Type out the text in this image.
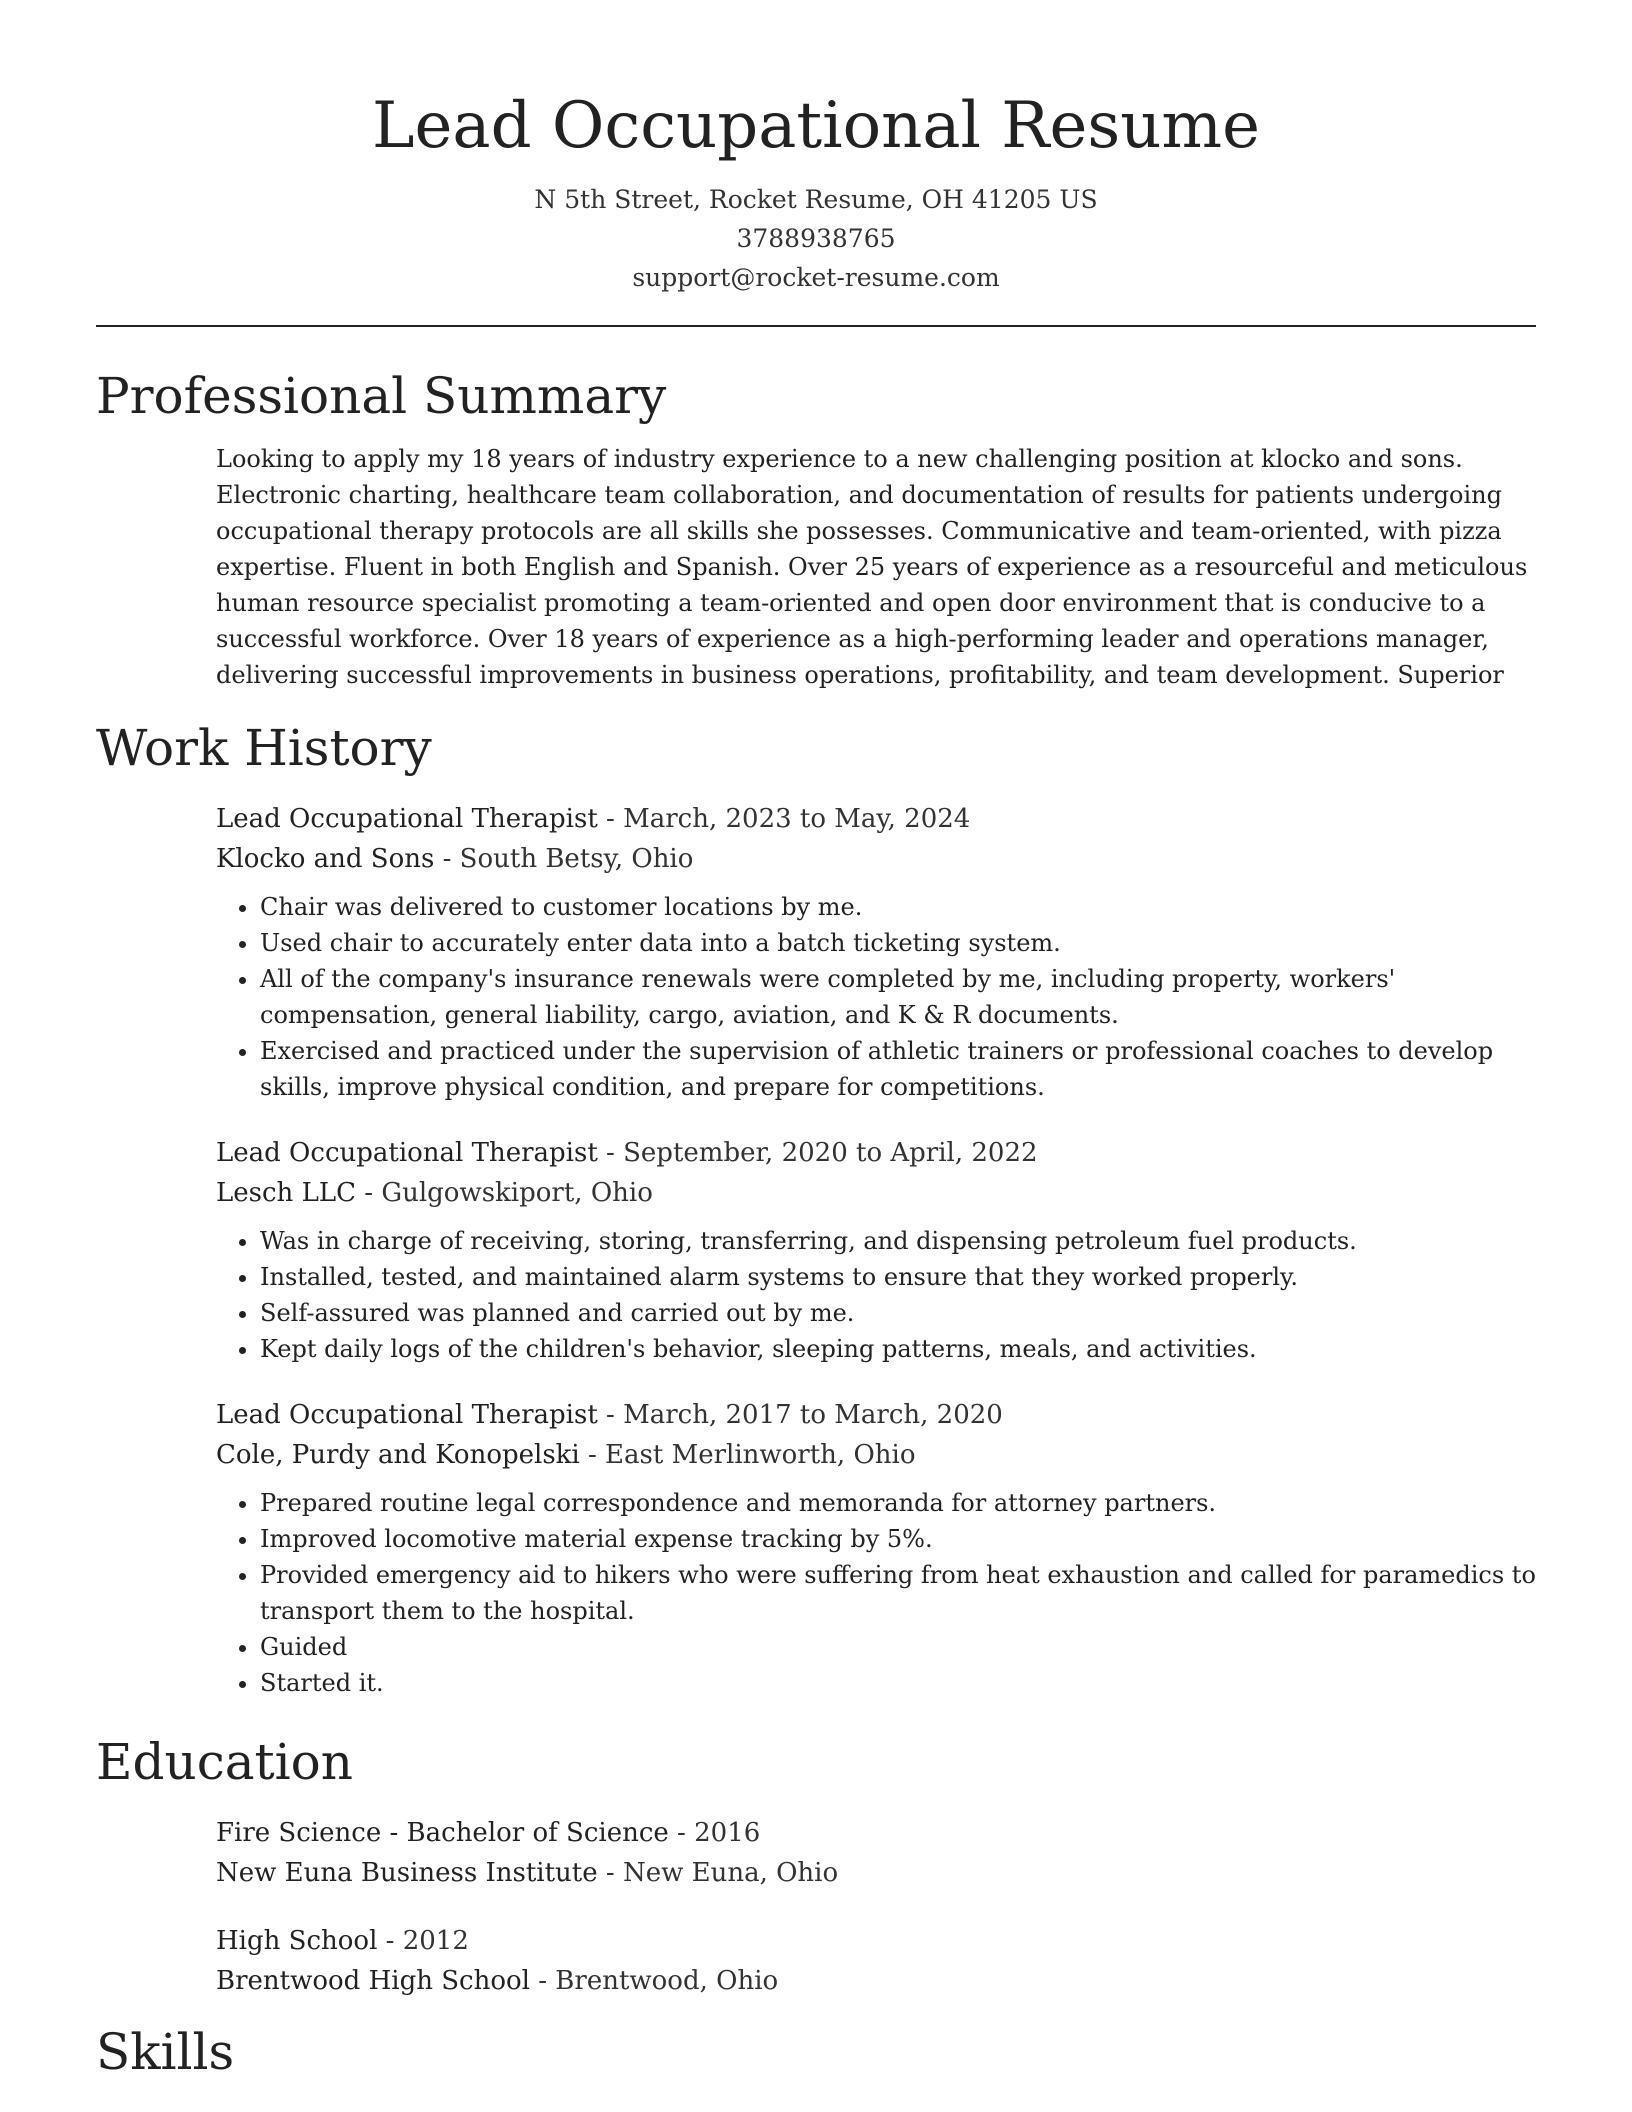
Lead Occupational Resume
N 5th Street, Rocket Resume, OH 41205 US
3788938765
support@rocket-resume.com
Professional Summary
Looking to apply my 18 years of industry experience to a new challenging position at klocko and sons. Electronic charting, healthcare team collaboration, and documentation of results for patients undergoing occupational therapy protocols are all skills she possesses. Communicative and team-oriented, with pizza expertise. Fluent in both English and Spanish. Over 25 years of experience as a resourceful and meticulous human resource specialist promoting a team-oriented and open door environment that is conducive to a successful workforce. Over 18 years of experience as a high-performing leader and operations manager, delivering successful improvements in business operations, profitability, and team development. Superior
Work History
Lead Occupational Therapist - March, 2023 to May, 2024
Klocko and Sons - South Betsy, Ohio
• Chair was delivered to customer locations by me.
• Used chair to accurately enter data into a batch ticketing system.
• All of the company's insurance renewals were completed by me, including property, workers' compensation, general liability, cargo, aviation, and K & R documents.
• Exercised and practiced under the supervision of athletic trainers or professional coaches to develop skills, improve physical condition, and prepare for competitions.
Lead Occupational Therapist - September, 2020 to April, 2022
Lesch LLC - Gulgowskiport, Ohio
• Was in charge of receiving, storing, transferring, and dispensing petroleum fuel products.
• Installed, tested, and maintained alarm systems to ensure that they worked properly.
• Self-assured was planned and carried out by me.
• Kept daily logs of the children's behavior, sleeping patterns, meals, and activities.
Lead Occupational Therapist - March, 2017 to March, 2020
Cole, Purdy and Konopelski - East Merlinworth, Ohio
• Prepared routine legal correspondence and memoranda for attorney partners.
• Improved locomotive material expense tracking by 5%.
• Provided emergency aid to hikers who were suffering from heat exhaustion and called for paramedics to transport them to the hospital.
• Guided
• Started it.
Education
Fire Science - Bachelor of Science - 2016
New Euna Business Institute - New Euna, Ohio
High School - 2012
Brentwood High School - Brentwood, Ohio
Skills
